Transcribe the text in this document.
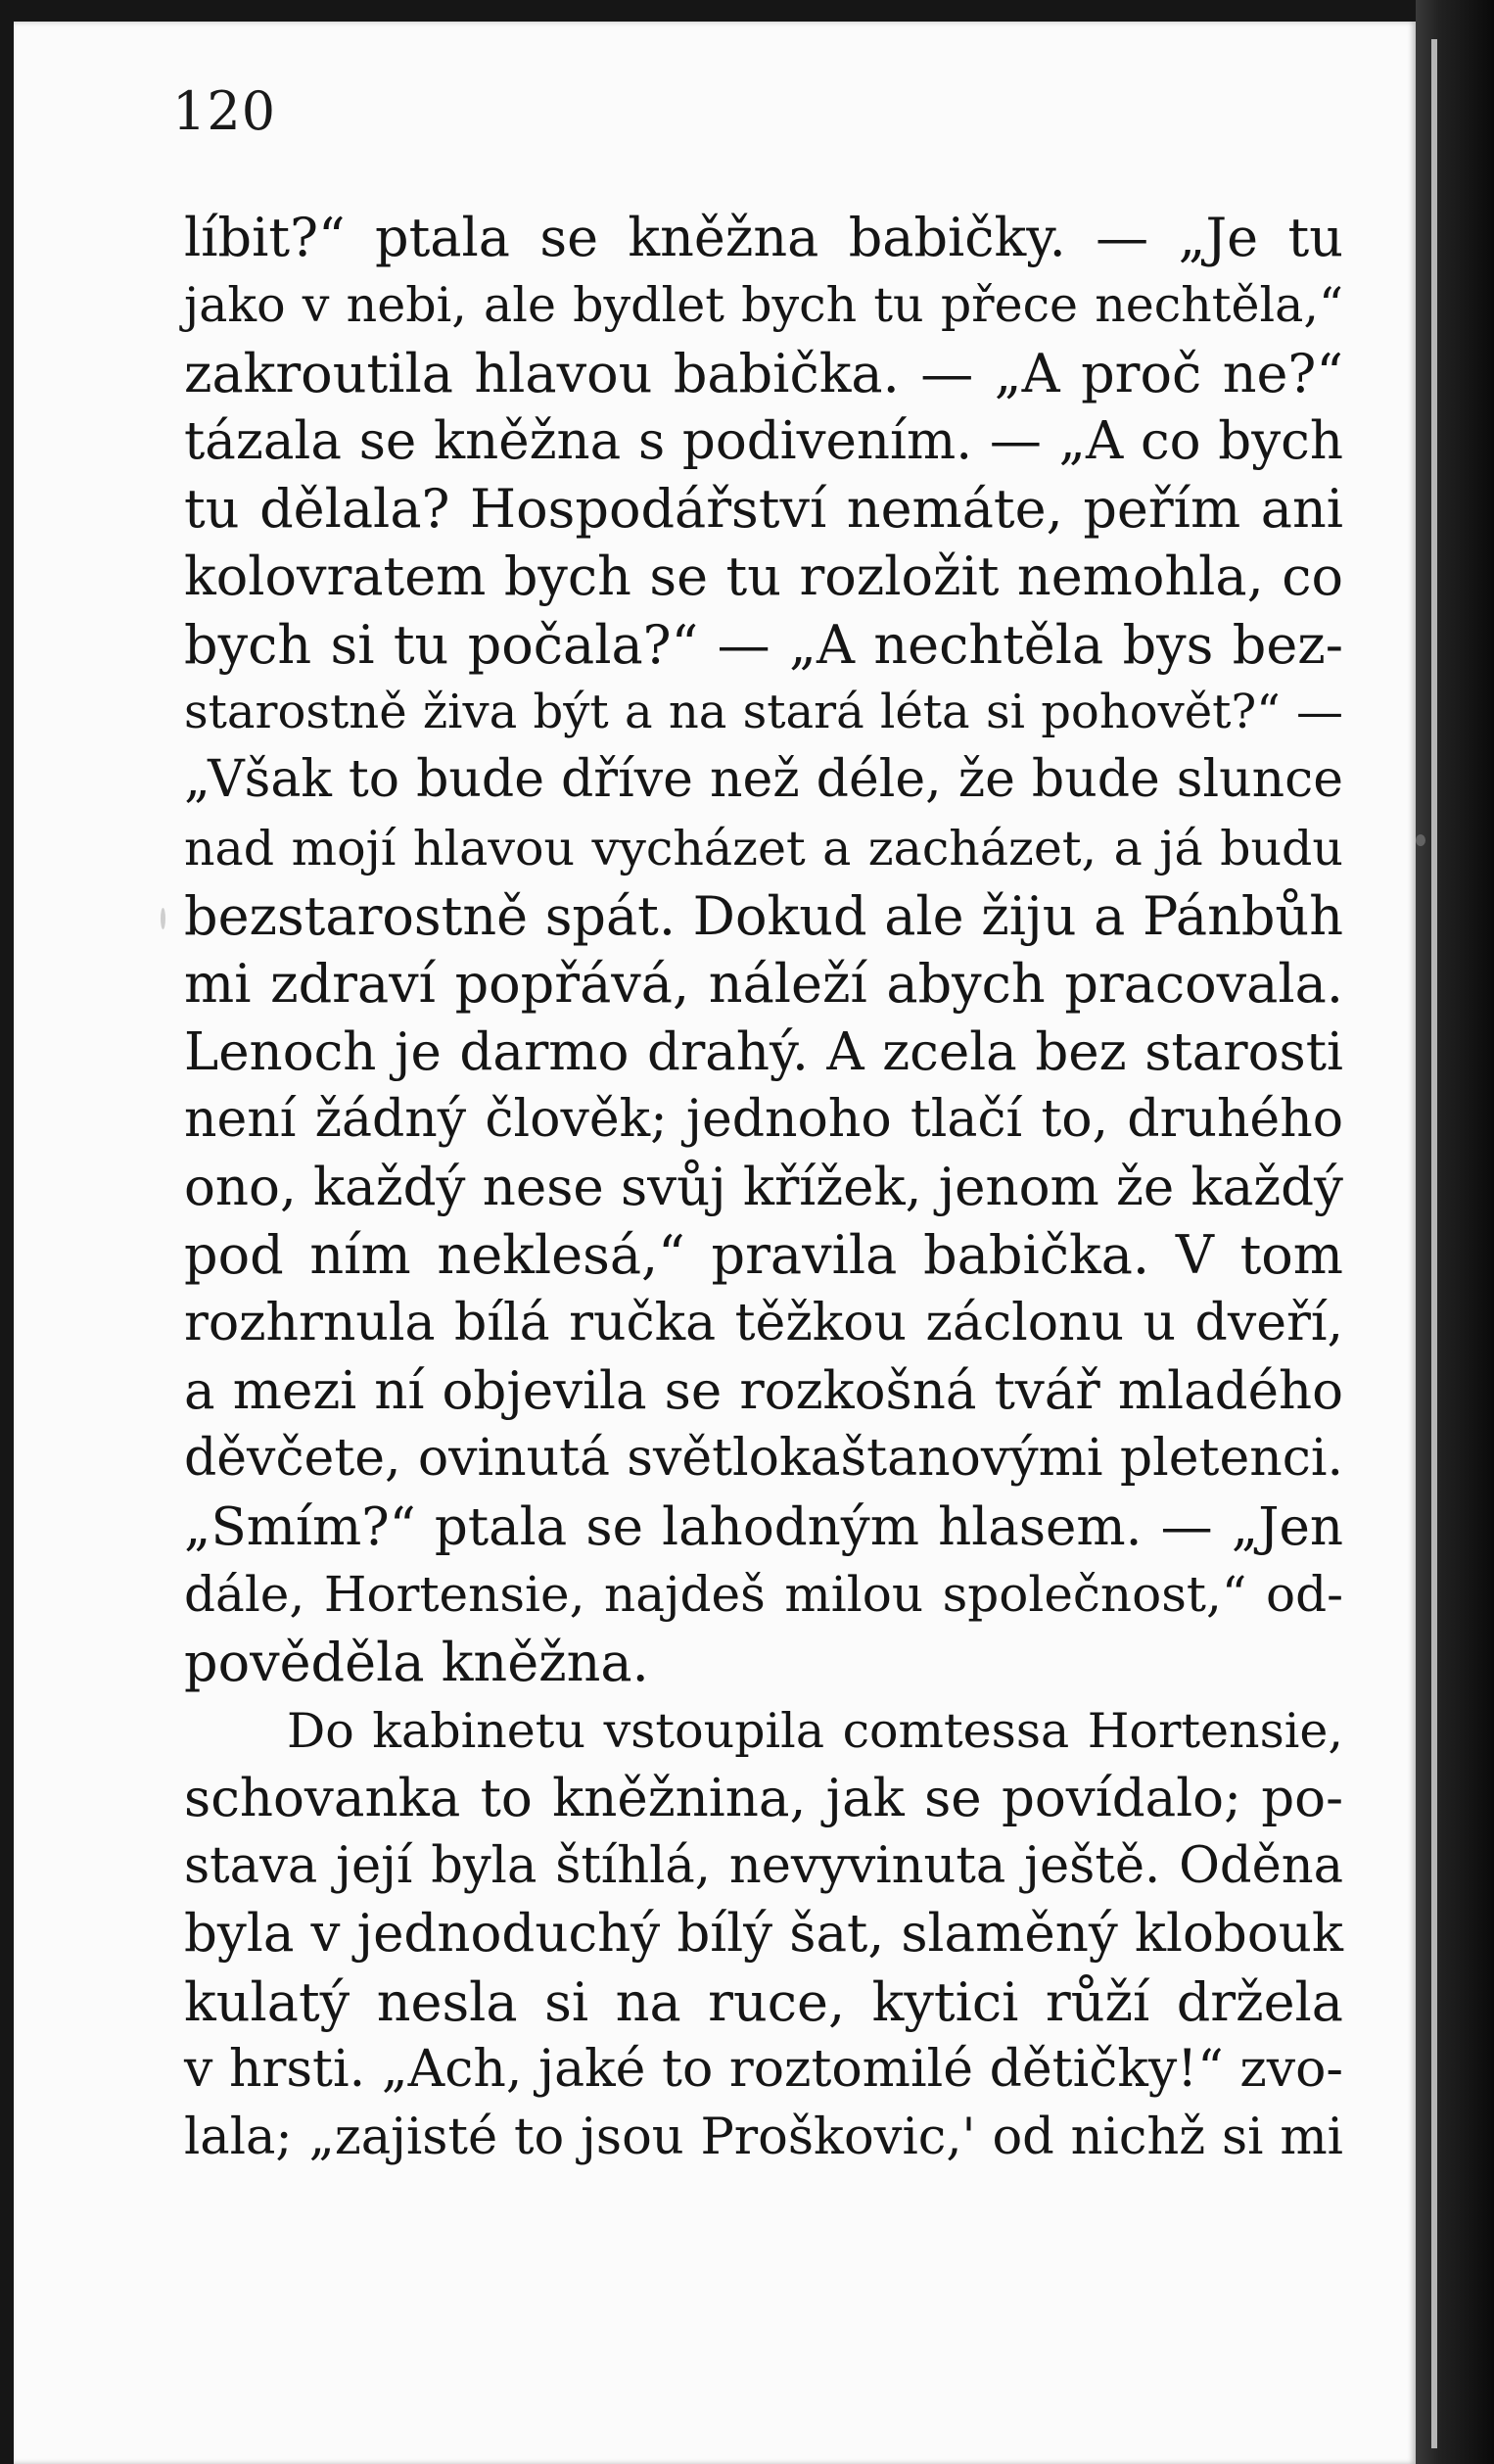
120
líbit?“ ptala se kněžna babičky. — „Je tu
jako v nebi, ale bydlet bych tu přece nechtěla,“
zakroutila hlavou babička. — „A proč ne?“
tázala se kněžna s podivením. — „A co bych
tu dělala? Hospodářství nemáte, peřím ani
kolovratem bych se tu rozložit nemohla, co
bych si tu počala?“ — „A nechtěla bys bez-
starostně živa být a na stará léta si pohovět?“ —
„Však to bude dříve než déle, že bude slunce
nad mojí hlavou vycházet a zacházet, a já budu
bezstarostně spát. Dokud ale žiju a Pánbůh
mi zdraví popřává, náleží abych pracovala.
Lenoch je darmo drahý. A zcela bez starosti
není žádný člověk; jednoho tlačí to, druhého
ono, každý nese svůj křížek, jenom že každý
pod ním neklesá,“ pravila babička. V tom
rozhrnula bílá ručka těžkou záclonu u dveří,
a mezi ní objevila se rozkošná tvář mladého
děvčete, ovinutá světlokaštanovými pletenci.
„Smím?“ ptala se lahodným hlasem. — „Jen
dále, Hortensie, najdeš milou společnost,“ od-
pověděla kněžna.
Do kabinetu vstoupila comtessa Hortensie,
schovanka to kněžnina, jak se povídalo; po-
stava její byla štíhlá, nevyvinuta ještě. Oděna
byla v jednoduchý bílý šat, slaměný klobouk
kulatý nesla si na ruce, kytici růží držela
v hrsti. „Ach, jaké to roztomilé dětičky!“ zvo-
lala; „zajisté to jsou Proškovic,' od nichž si mi
